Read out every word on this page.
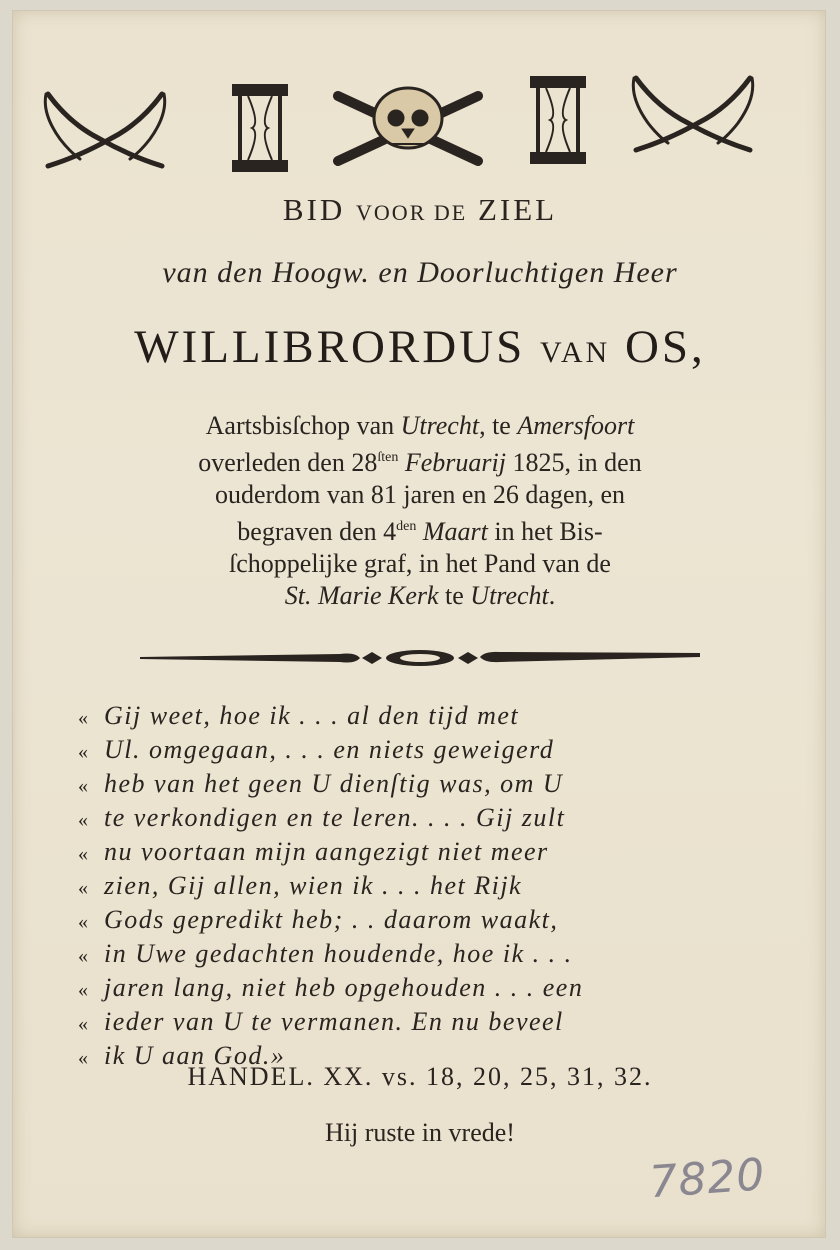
BID VOOR DE ZIEL
van den Hoogw. en Doorluchtigen Heer
WILLIBRORDUS VAN OS,
Aartsbisſchop van Utrecht, te Amersfoort
overleden den $28^{ſten}$ Februarij 1825, in den
ouderdom van 81 jaren en 26 dagen, en
begraven den $4^{den}$ Maart in het Bis-
ſchoppelijke graf, in het Pand van de
St. Marie Kerk te Utrecht.
« Gij weet, hoe ik . . . al den tijd met
« Ul. omgegaan, . . . en niets geweigerd
« heb van het geen U dienſtig was, om U
« te verkondigen en te leren. . . . Gij zult
« nu voortaan mijn aangezigt niet meer
« zien, Gij allen, wien ik . . . het Rijk
« Gods gepredikt heb; . . daarom waakt,
« in Uwe gedachten houdende, hoe ik . . .
« jaren lang, niet heb opgehouden . . . een
« ieder van U te vermanen. En nu beveel
« ik U aan God.»
HANDEL. XX. vs. 18, 20, 25, 31, 32.
Hij ruste in vrede!
7820
